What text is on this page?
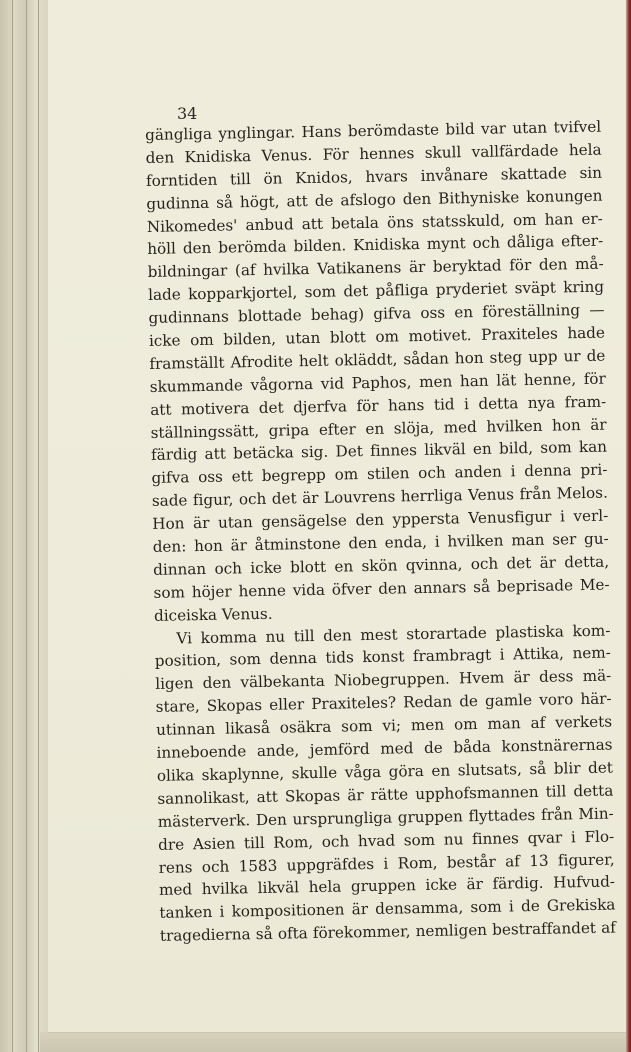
34

gängliga ynglingar. Hans berömdaste bild var utan tvifvel
den Knidiska Venus. För hennes skull vallfärdade hela
forntiden till ön Knidos, hvars invånare skattade sin
gudinna så högt, att de afslogo den Bithyniske konungen
Nikomedes' anbud att betala öns statsskuld, om han er-
höll den berömda bilden. Knidiska mynt och dåliga efter-
bildningar (af hvilka Vatikanens är beryktad för den må-
lade kopparkjortel, som det påfliga pryderiet sväpt kring
gudinnans blottade behag) gifva oss en föreställning —
icke om bilden, utan blott om motivet. Praxiteles hade
framställt Afrodite helt okläddt, sådan hon steg upp ur de
skummande vågorna vid Paphos, men han lät henne, för
att motivera det djerfva för hans tid i detta nya fram-
ställningssätt, gripa efter en slöja, med hvilken hon är
färdig att betäcka sig. Det finnes likväl en bild, som kan
gifva oss ett begrepp om stilen och anden i denna pri-
sade figur, och det är Louvrens herrliga Venus från Melos.
Hon är utan gensägelse den yppersta Venusfigur i verl-
den: hon är åtminstone den enda, i hvilken man ser gu-
dinnan och icke blott en skön qvinna, och det är detta,
som höjer henne vida öfver den annars så beprisade Me-
diceiska Venus.
Vi komma nu till den mest storartade plastiska kom-
position, som denna tids konst frambragt i Attika, nem-
ligen den välbekanta Niobegruppen. Hvem är dess mä-
stare, Skopas eller Praxiteles? Redan de gamle voro här-
utinnan likaså osäkra som vi; men om man af verkets
inneboende ande, jemförd med de båda konstnärernas
olika skaplynne, skulle våga göra en slutsats, så blir det
sannolikast, att Skopas är rätte upphofsmannen till detta
mästerverk. Den ursprungliga gruppen flyttades från Min-
dre Asien till Rom, och hvad som nu finnes qvar i Flo-
rens och 1583 uppgräfdes i Rom, består af 13 figurer,
med hvilka likväl hela gruppen icke är färdig. Hufvud-
tanken i kompositionen är densamma, som i de Grekiska
tragedierna så ofta förekommer, nemligen bestraffandet af
